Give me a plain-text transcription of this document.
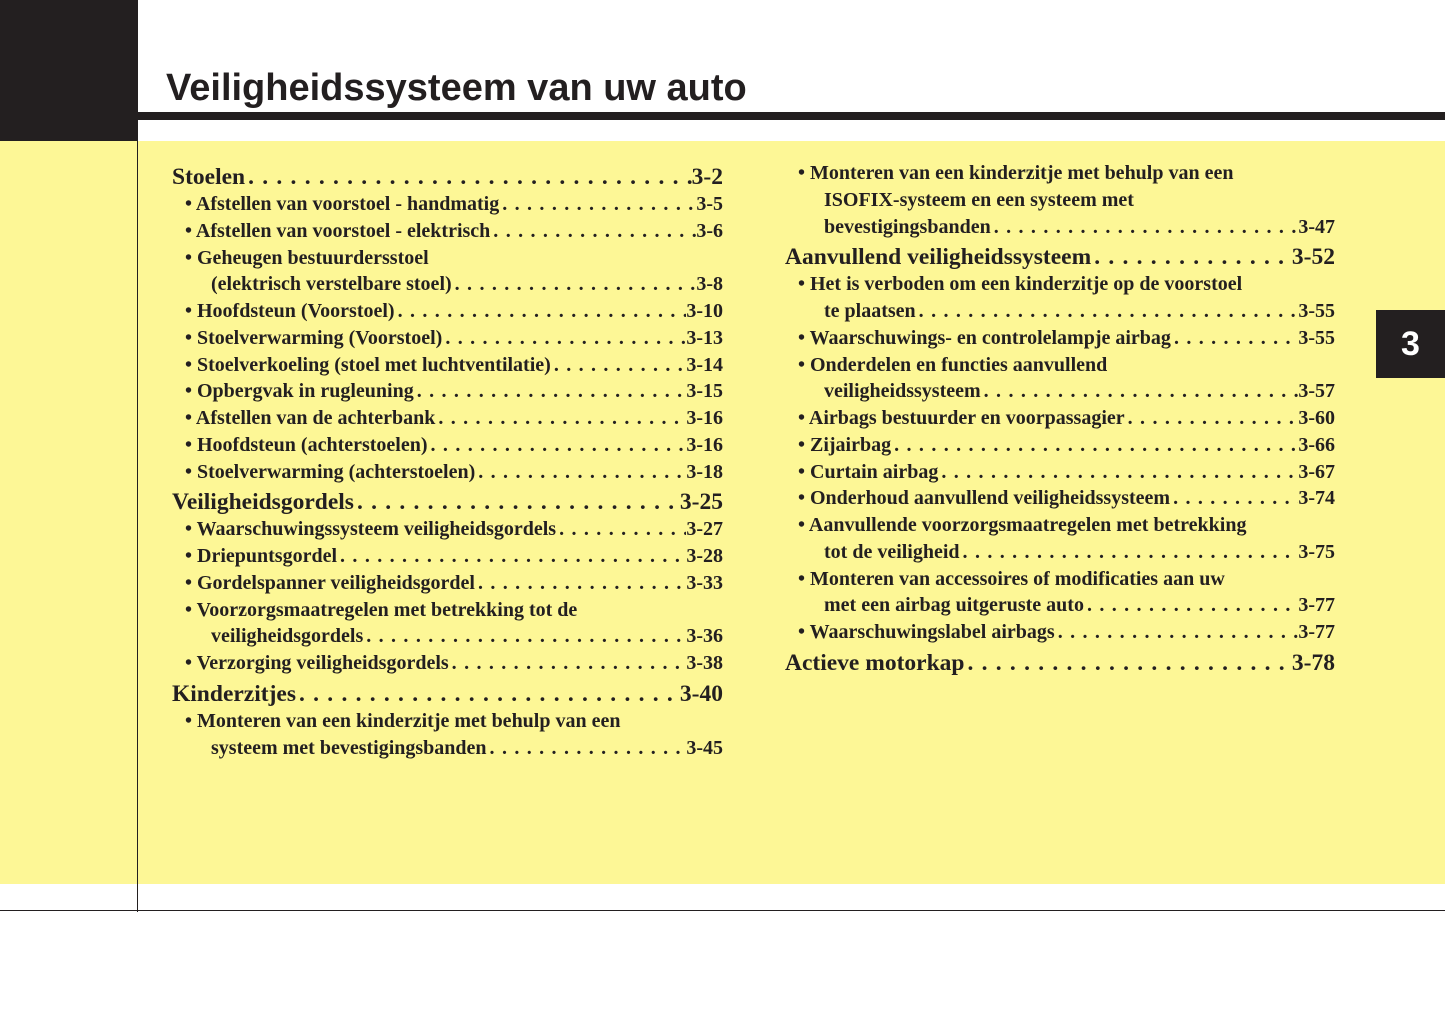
Veiligheidssysteem van uw auto
3
Stoelen . . .	3-2
• Afstellen van voorstoel - handmatig . . .	3-5
• Afstellen van voorstoel - elektrisch . . .	3-6
• Geheugen bestuurdersstoel
(elektrisch verstelbare stoel) . . .	3-8
• Hoofdsteun (Voorstoel) . . .	3-10
• Stoelverwarming (Voorstoel) . . .	3-13
• Stoelverkoeling (stoel met luchtventilatie) . . .	3-14
• Opbergvak in rugleuning . . .	3-15
• Afstellen van de achterbank . . .	3-16
• Hoofdsteun (achterstoelen) . . .	3-16
• Stoelverwarming (achterstoelen) . . .	3-18
Veiligheidsgordels . . .	3-25
• Waarschuwingssysteem veiligheidsgordels . . .	3-27
• Driepuntsgordel . . .	3-28
• Gordelspanner veiligheidsgordel . . .	3-33
• Voorzorgsmaatregelen met betrekking tot de
veiligheidsgordels . . .	3-36
• Verzorging veiligheidsgordels . . .	3-38
Kinderzitjes . . .	3-40
• Monteren van een kinderzitje met behulp van een
systeem met bevestigingsbanden . . .	3-45
• Monteren van een kinderzitje met behulp van een
ISOFIX-systeem en een systeem met
bevestigingsbanden . . .	3-47
Aanvullend veiligheidssysteem . . .	3-52
• Het is verboden om een kinderzitje op de voorstoel
te plaatsen . . .	3-55
• Waarschuwings- en controlelampje airbag . . .	3-55
• Onderdelen en functies aanvullend
veiligheidssysteem . . .	3-57
• Airbags bestuurder en voorpassagier . . .	3-60
• Zijairbag . . .	3-66
• Curtain airbag . . .	3-67
• Onderhoud aanvullend veiligheidssysteem . . .	3-74
• Aanvullende voorzorgsmaatregelen met betrekking
tot de veiligheid . . .	3-75
• Monteren van accessoires of modificaties aan uw
met een airbag uitgeruste auto . . .	3-77
• Waarschuwingslabel airbags . . .	3-77
Actieve motorkap . . .	3-78
